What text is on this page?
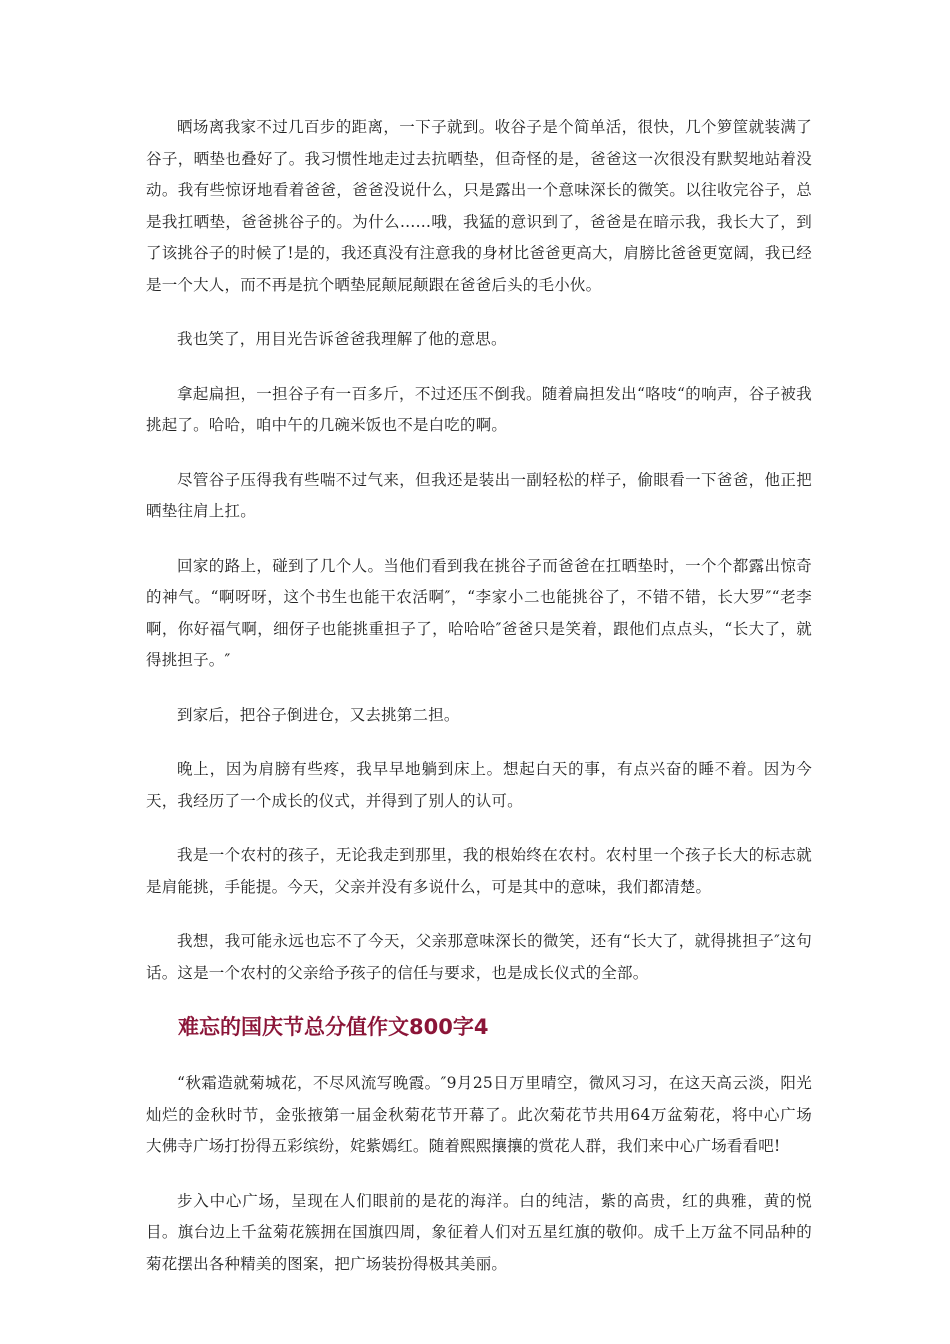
晒场离我家不过几百步的距离，一下子就到。收谷子是个简单活，很快，几个箩筐就装满了谷子，晒垫也叠好了。我习惯性地走过去抗晒垫，但奇怪的是，爸爸这一次很没有默契地站着没动。我有些惊讶地看着爸爸，爸爸没说什么，只是露出一个意味深长的微笑。以往收完谷子，总是我扛晒垫，爸爸挑谷子的。为什么……哦，我猛的意识到了，爸爸是在暗示我，我长大了，到了该挑谷子的时候了!是的，我还真没有注意我的身材比爸爸更高大，肩膀比爸爸更宽阔，我已经是一个大人，而不再是抗个晒垫屁颠屁颠跟在爸爸后头的毛小伙。

我也笑了，用目光告诉爸爸我理解了他的意思。

拿起扁担，一担谷子有一百多斤，不过还压不倒我。随着扁担发出“咯吱“的响声，谷子被我挑起了。哈哈，咱中午的几碗米饭也不是白吃的啊。

尽管谷子压得我有些喘不过气来，但我还是装出一副轻松的样子，偷眼看一下爸爸，他正把晒垫往肩上扛。

回家的路上，碰到了几个人。当他们看到我在挑谷子而爸爸在扛晒垫时，一个个都露出惊奇的神气。“啊呀呀，这个书生也能干农活啊″，“李家小二也能挑谷了，不错不错，长大罗″“老李啊，你好福气啊，细伢子也能挑重担子了，哈哈哈″爸爸只是笑着，跟他们点点头，“长大了，就得挑担子。″

到家后，把谷子倒进仓，又去挑第二担。

晚上，因为肩膀有些疼，我早早地躺到床上。想起白天的事，有点兴奋的睡不着。因为今天，我经历了一个成长的仪式，并得到了别人的认可。

我是一个农村的孩子，无论我走到那里，我的根始终在农村。农村里一个孩子长大的标志就是肩能挑，手能提。今天，父亲并没有多说什么，可是其中的意味，我们都清楚。

我想，我可能永远也忘不了今天，父亲那意味深长的微笑，还有“长大了，就得挑担子″这句话。这是一个农村的父亲给予孩子的信任与要求，也是成长仪式的全部。

难忘的国庆节总分值作文800字4

“秋霜造就菊城花，不尽风流写晚霞。″9月25日万里晴空，微风习习，在这天高云淡，阳光灿烂的金秋时节，金张掖第一届金秋菊花节开幕了。此次菊花节共用64万盆菊花，将中心广场 大佛寺广场打扮得五彩缤纷，姹紫嫣红。随着熙熙攘攘的赏花人群，我们来中心广场看看吧!

步入中心广场，呈现在人们眼前的是花的海洋。白的纯洁，紫的高贵，红的典雅，黄的悦目。旗台边上千盆菊花簇拥在国旗四周，象征着人们对五星红旗的敬仰。成千上万盆不同品种的菊花摆出各种精美的图案，把广场装扮得极其美丽。
